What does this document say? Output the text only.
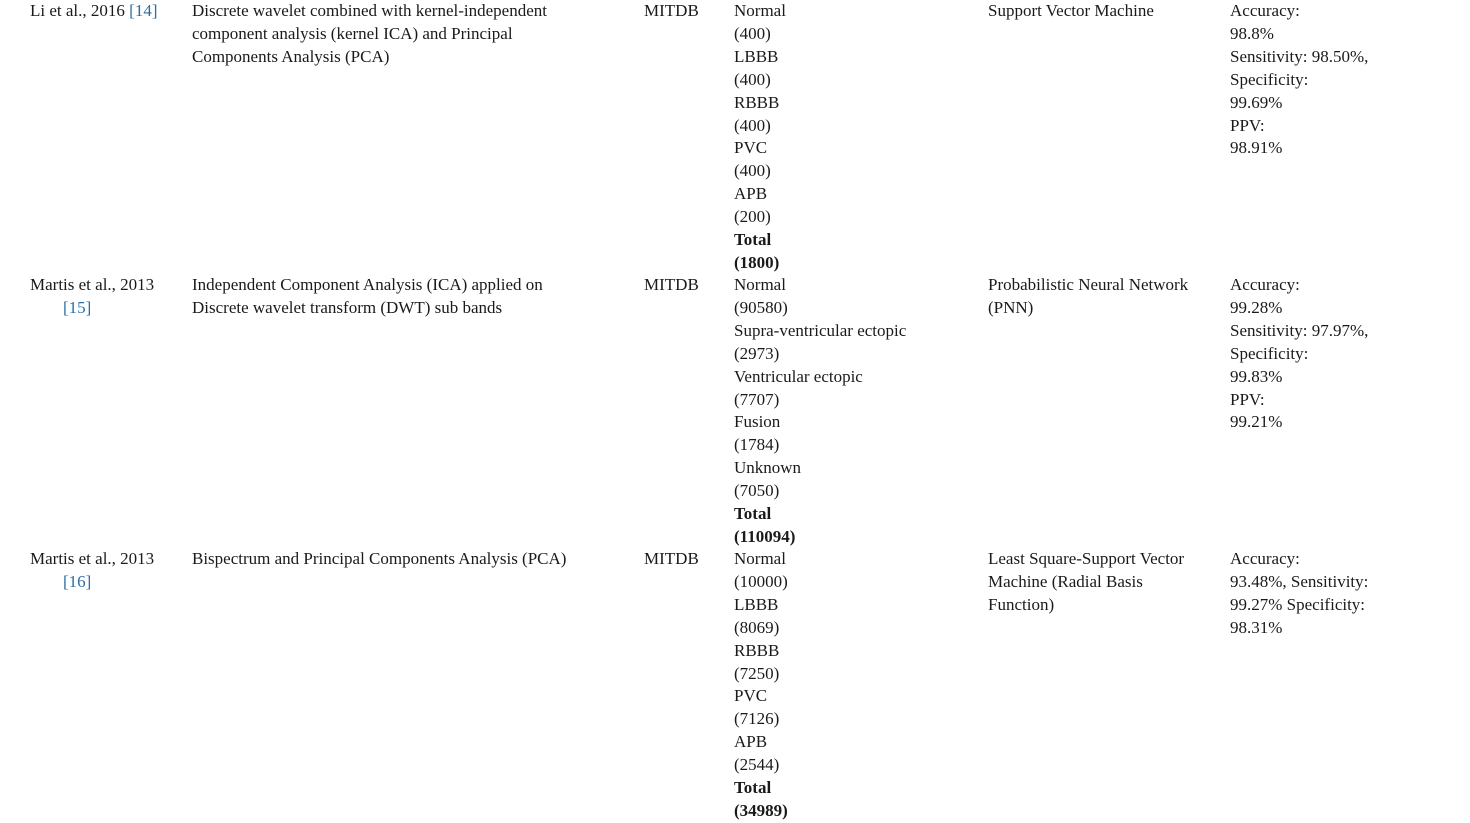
Li et al., 2016 [14] Discrete wavelet combined with kernel-independent
component analysis (kernel ICA) and Principal
Components Analysis (PCA)
MITDB Normal
(400)
LBBB
(400)
RBBB
(400)
PVC
(400)
APB
(200)
Total
(1800)
Support Vector Machine	Accuracy:
98.8%
Sensitivity: 98.50%,
Specificity:
99.69%
PPV:
98.91%
Martis et al., 2013
[15]
Independent Component Analysis (ICA) applied on
Discrete wavelet transform (DWT) sub bands
MITDB Normal
(90580)
Supra-ventricular ectopic
(2973)
Ventricular ectopic
(7707)
Fusion
(1784)
Unknown
(7050)
Total
(110094)
Probabilistic Neural Network
(PNN)
Accuracy:
99.28%
Sensitivity: 97.97%,
Specificity:
99.83%
PPV:
99.21%
Martis et al., 2013
[16]
Bispectrum and Principal Components Analysis (PCA)	MITDB Normal
(10000)
LBBB
(8069)
RBBB
(7250)
PVC
(7126)
APB
(2544)
Total
(34989)
Least Square-Support Vector
Machine (Radial Basis
Function)
Accuracy:
93.48%, Sensitivity:
99.27% Specificity:
98.31%
